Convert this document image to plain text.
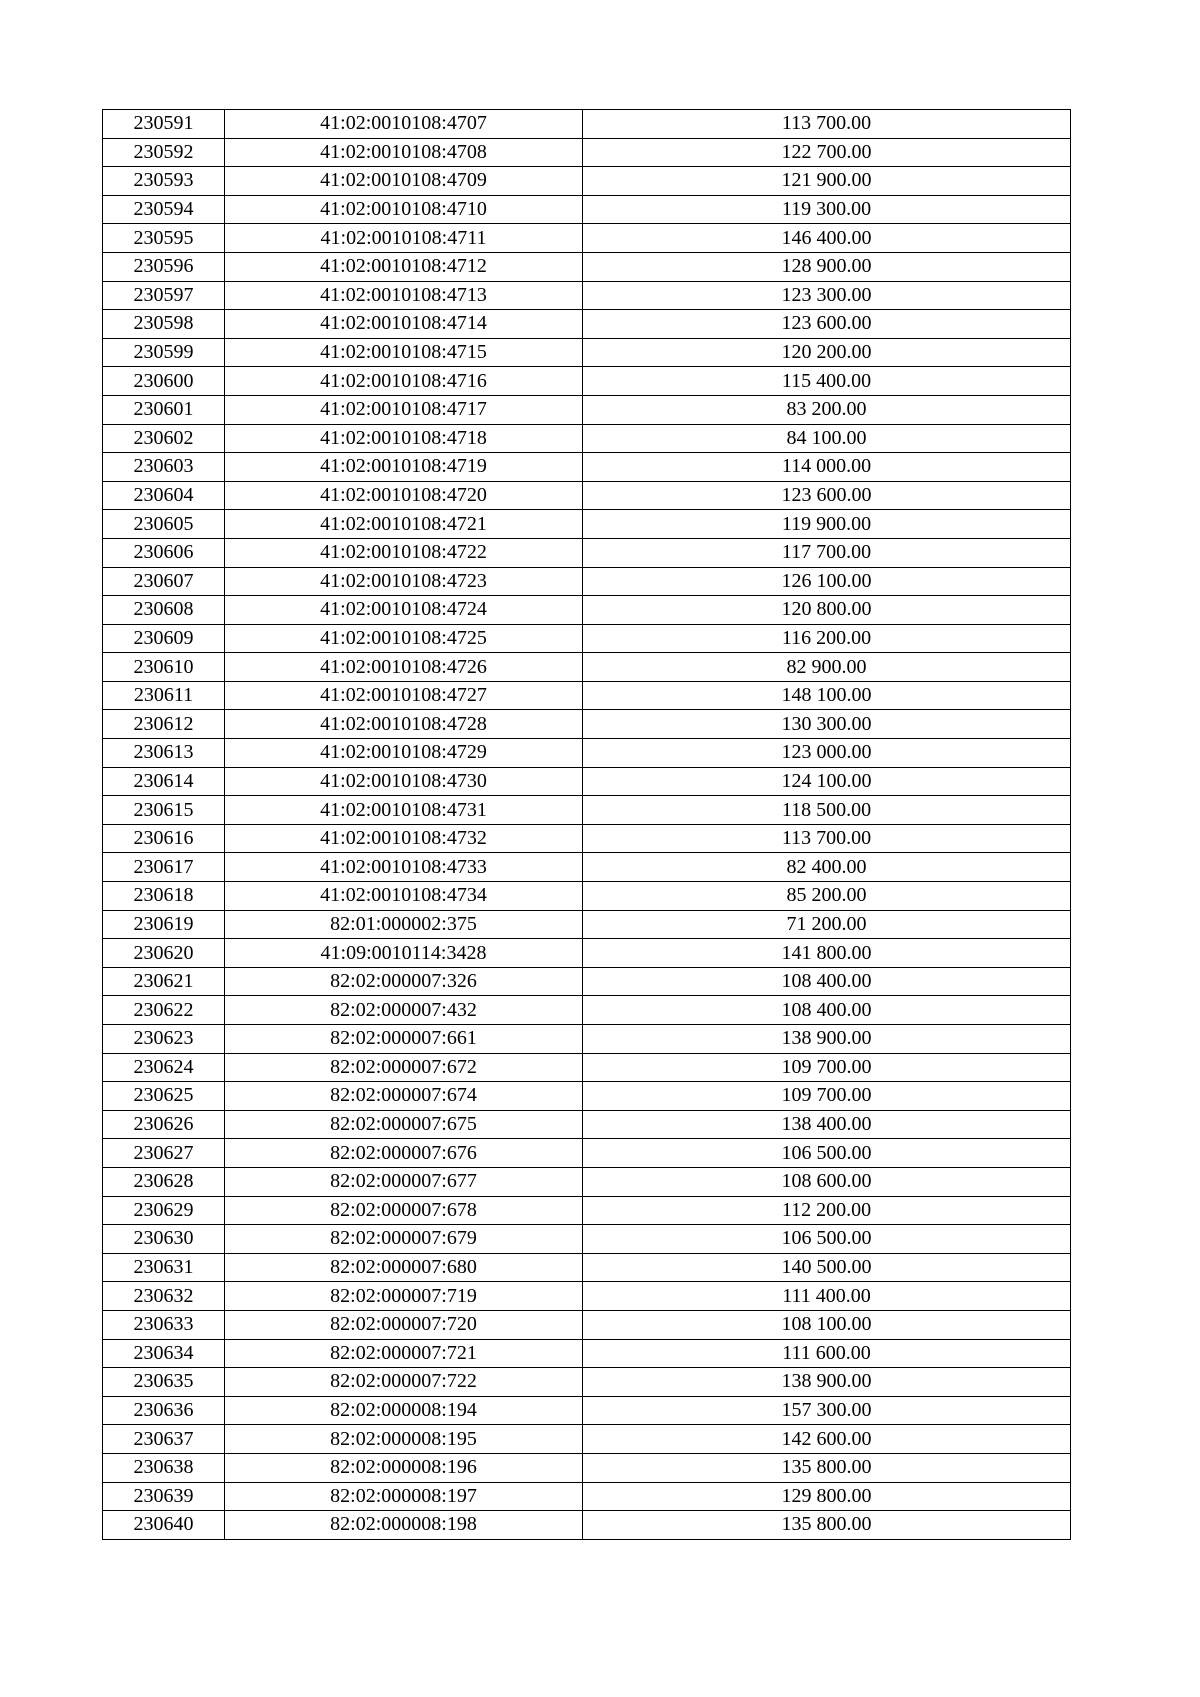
230591	41:02:0010108:4707	113 700.00
230592	41:02:0010108:4708	122 700.00
230593	41:02:0010108:4709	121 900.00
230594	41:02:0010108:4710	119 300.00
230595	41:02:0010108:4711	146 400.00
230596	41:02:0010108:4712	128 900.00
230597	41:02:0010108:4713	123 300.00
230598	41:02:0010108:4714	123 600.00
230599	41:02:0010108:4715	120 200.00
230600	41:02:0010108:4716	115 400.00
230601	41:02:0010108:4717	83 200.00
230602	41:02:0010108:4718	84 100.00
230603	41:02:0010108:4719	114 000.00
230604	41:02:0010108:4720	123 600.00
230605	41:02:0010108:4721	119 900.00
230606	41:02:0010108:4722	117 700.00
230607	41:02:0010108:4723	126 100.00
230608	41:02:0010108:4724	120 800.00
230609	41:02:0010108:4725	116 200.00
230610	41:02:0010108:4726	82 900.00
230611	41:02:0010108:4727	148 100.00
230612	41:02:0010108:4728	130 300.00
230613	41:02:0010108:4729	123 000.00
230614	41:02:0010108:4730	124 100.00
230615	41:02:0010108:4731	118 500.00
230616	41:02:0010108:4732	113 700.00
230617	41:02:0010108:4733	82 400.00
230618	41:02:0010108:4734	85 200.00
230619	82:01:000002:375	71 200.00
230620	41:09:0010114:3428	141 800.00
230621	82:02:000007:326	108 400.00
230622	82:02:000007:432	108 400.00
230623	82:02:000007:661	138 900.00
230624	82:02:000007:672	109 700.00
230625	82:02:000007:674	109 700.00
230626	82:02:000007:675	138 400.00
230627	82:02:000007:676	106 500.00
230628	82:02:000007:677	108 600.00
230629	82:02:000007:678	112 200.00
230630	82:02:000007:679	106 500.00
230631	82:02:000007:680	140 500.00
230632	82:02:000007:719	111 400.00
230633	82:02:000007:720	108 100.00
230634	82:02:000007:721	111 600.00
230635	82:02:000007:722	138 900.00
230636	82:02:000008:194	157 300.00
230637	82:02:000008:195	142 600.00
230638	82:02:000008:196	135 800.00
230639	82:02:000008:197	129 800.00
230640	82:02:000008:198	135 800.00
